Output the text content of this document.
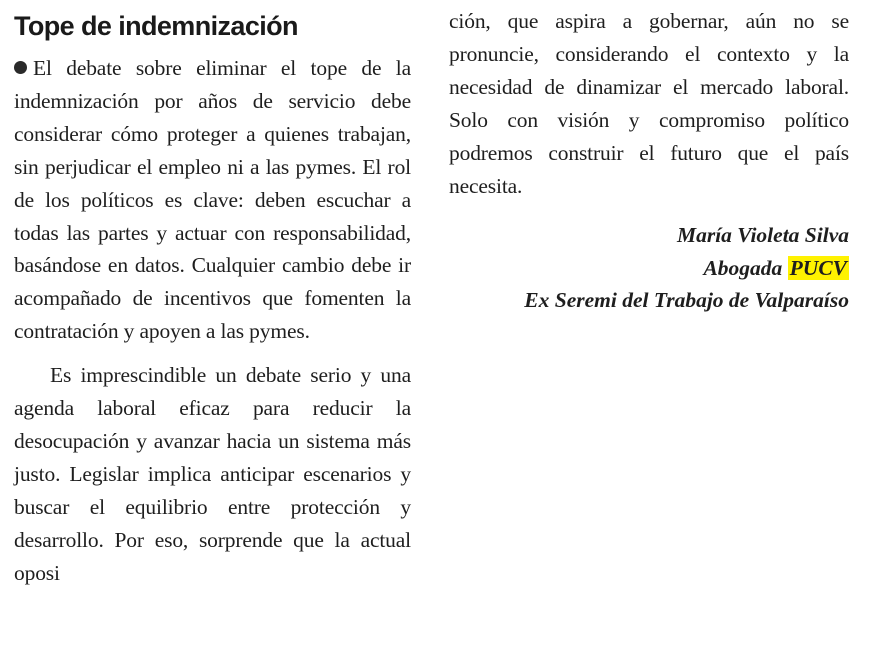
Tope de indemnización

El debate sobre eliminar el tope de la indemnización por años de servicio debe considerar cómo proteger a quienes trabajan, sin perjudicar el empleo ni a las pymes. El rol de los políticos es clave: deben escuchar a todas las partes y actuar con responsabilidad, basándose en datos. Cualquier cambio debe ir acompañado de incentivos que fomenten la contratación y apoyen a las pymes.

Es imprescindible un debate serio y una agenda laboral eficaz para reducir la desocupación y avanzar hacia un sistema más justo. Legislar implica anticipar escenarios y buscar el equilibrio entre protección y desarrollo. Por eso, sorprende que la actual oposi

ción, que aspira a gobernar, aún no se pronuncie, considerando el contexto y la necesidad de dinamizar el mercado laboral. Solo con visión y compromiso político podremos construir el futuro que el país necesita.

María Violeta Silva
Abogada PUCV
Ex Seremi del Trabajo de Valparaíso
